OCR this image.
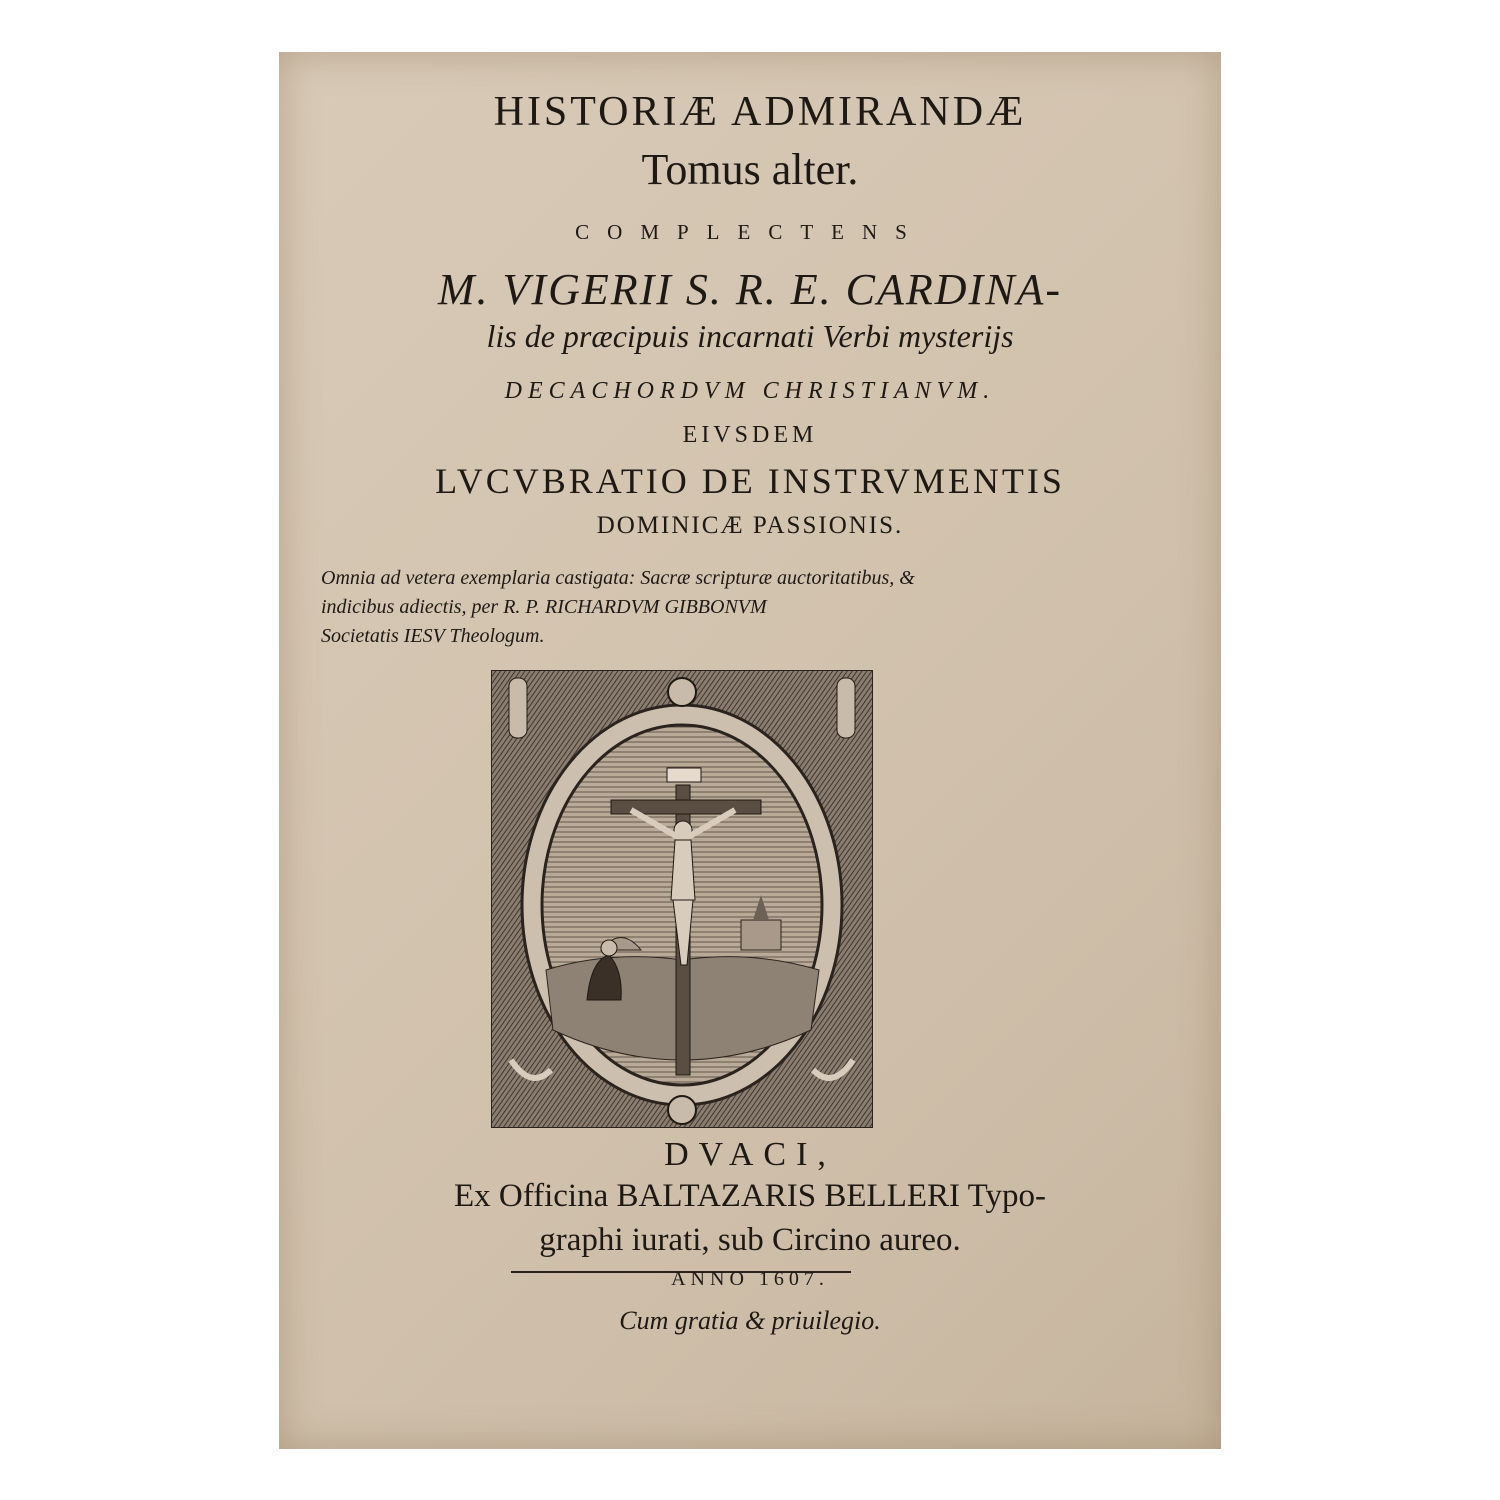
HISTORIÆ ADMIRANDÆ
Tomus alter.
COMPLECTENS
M. VIGERII S. R. E. CARDINA-
lis de præcipuis incarnati Verbi mysterijs
DECACHORDVM CHRISTIANVM.
EIVSDEM
LVCVBRATIO DE INSTRVMENTIS
DOMINICÆ PASSIONIS.
Omnia ad vetera exemplaria castigata: Sacræ scripturæ auctoritatibus, &
indicibus adiectis, per R. P. RICHARDVM GIBBONVM
Societatis IESV Theologum.
DVACI,
Ex Officina BALTAZARIS BELLERI Typo-
graphi iurati, sub Circino aureo.
ANNO 1607.
Cum gratia & priuilegio.
